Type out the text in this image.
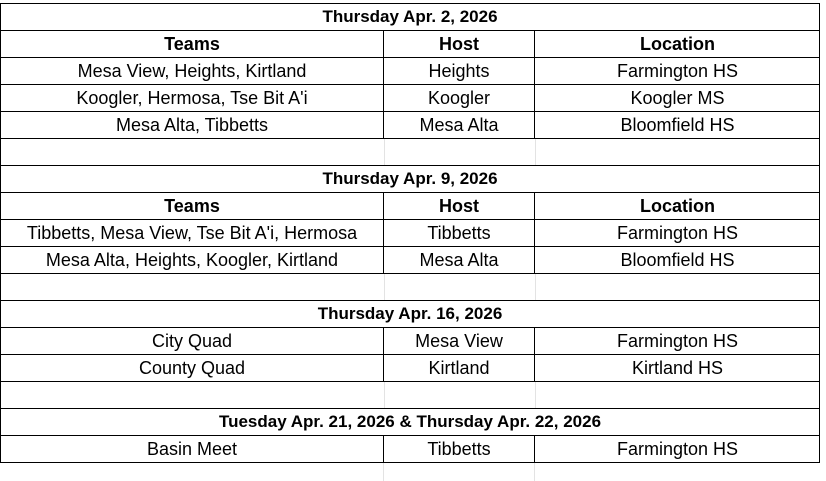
Thursday Apr. 2, 2026
Teams	Host	Location
Mesa View, Heights, Kirtland	Heights	Farmington HS
Koogler, Hermosa, Tse Bit A'i	Koogler	Koogler MS
Mesa Alta, Tibbetts	Mesa Alta	Bloomfield HS
Thursday Apr. 9, 2026
Teams	Host	Location
Tibbetts, Mesa View, Tse Bit A'i, Hermosa	Tibbetts	Farmington HS
Mesa Alta, Heights, Koogler, Kirtland	Mesa Alta	Bloomfield HS
Thursday Apr. 16, 2026
City Quad	Mesa View	Farmington HS
County Quad	Kirtland	Kirtland HS
Tuesday Apr. 21, 2026 & Thursday Apr. 22, 2026
Basin Meet	Tibbetts	Farmington HS
